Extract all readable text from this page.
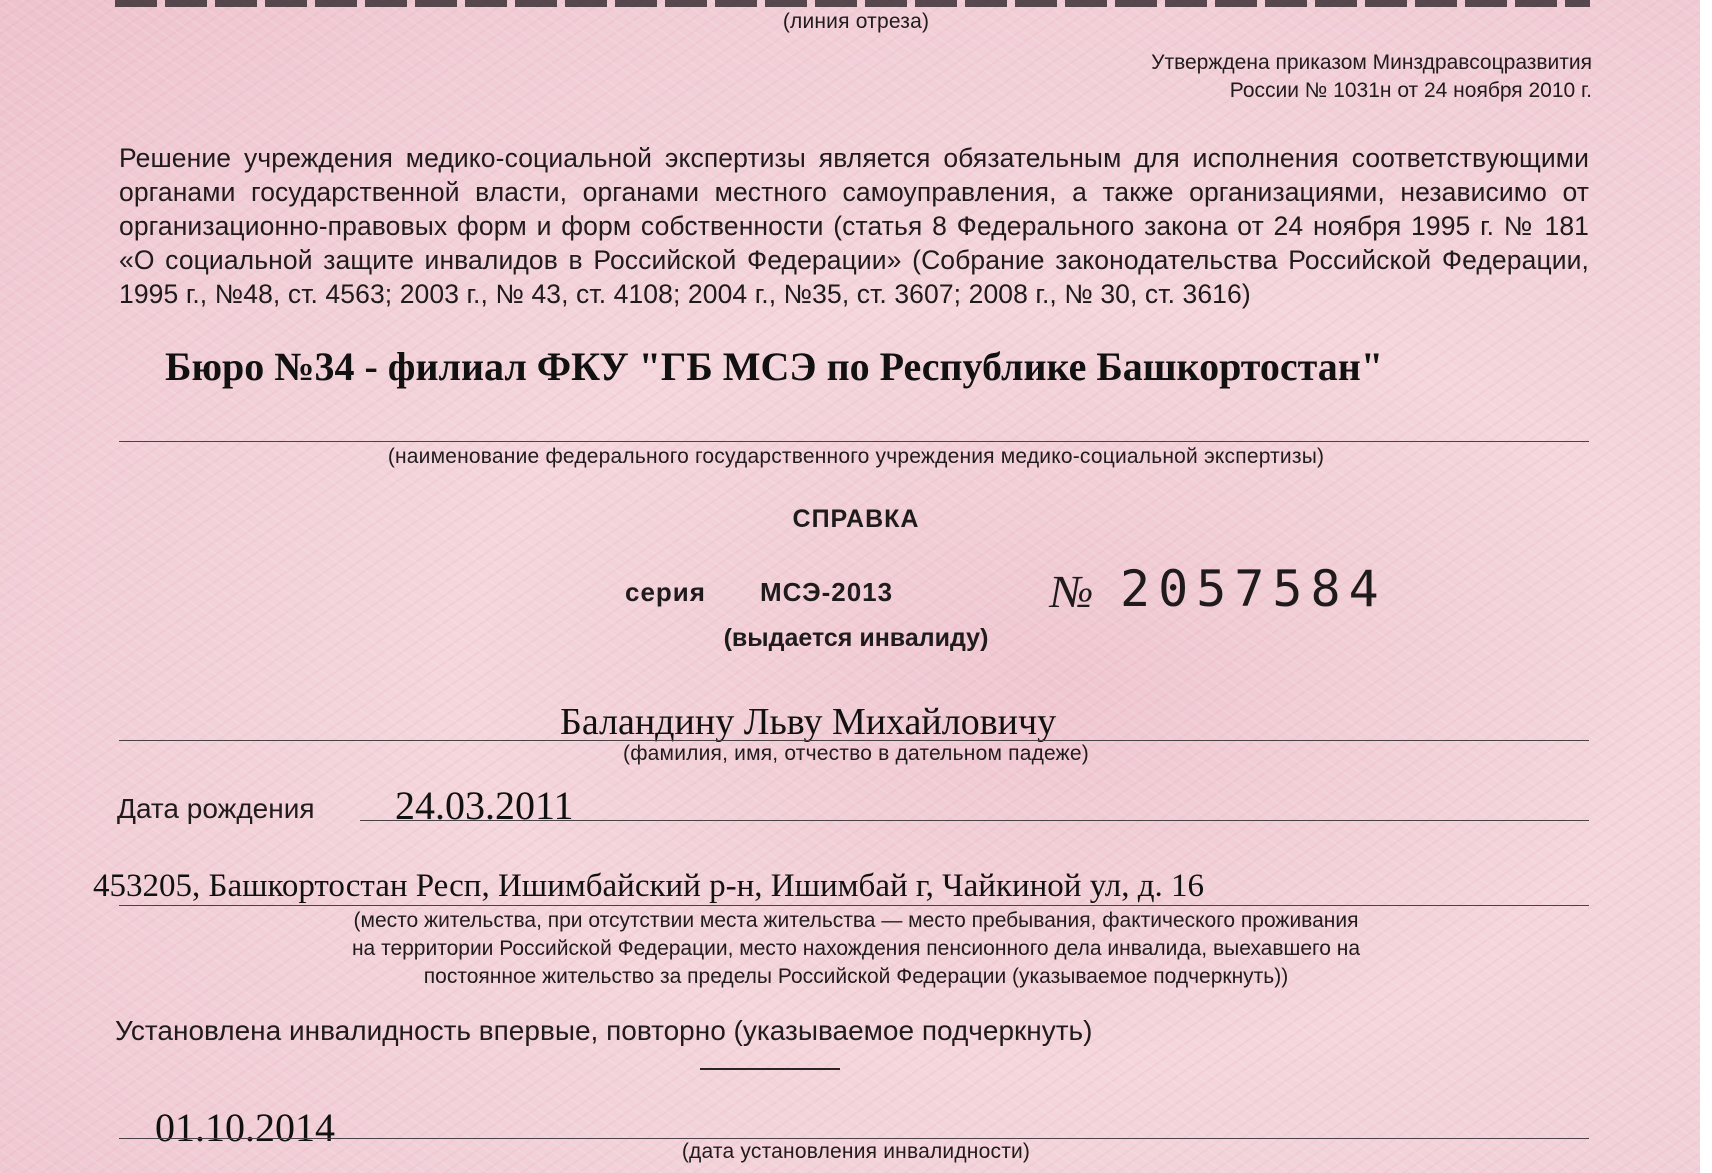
(линия отреза)
Утверждена приказом Минздравсоцразвития
России № 1031н от 24 ноября 2010 г.
Решение учреждения медико-социальной экспертизы является обязательным для исполнения соответствующими органами государственной власти, органами местного самоуправления, а также организациями, независимо от организационно-правовых форм и форм собственности (статья 8 Федерального закона от 24 ноября 1995 г. № 181 «О социальной защите инвалидов в Российской Федерации» (Собрание законодательства Российской Федерации, 1995 г., №48, ст. 4563; 2003 г., № 43, ст. 4108; 2004 г., №35, ст. 3607; 2008 г., № 30, ст. 3616)
Бюро №34 - филиал ФКУ "ГБ МСЭ по Республике Башкортостан"
(наименование федерального государственного учреждения медико-социальной экспертизы)
СПРАВКА
серия МСЭ-2013	№ 2057584
(выдается инвалиду)
Баландину Льву Михайловичу
(фамилия, имя, отчество в дательном падеже)
Дата рождения 24.03.2011
453205, Башкортостан Респ, Ишимбайский р-н, Ишимбай г, Чайкиной ул, д. 16
(место жительства, при отсутствии места жительства — место пребывания, фактического проживания
на территории Российской Федерации, место нахождения пенсионного дела инвалида, выехавшего на
постоянное жительство за пределы Российской Федерации (указываемое подчеркнуть))
Установлена инвалидность впервые, повторно (указываемое подчеркнуть)
01.10.2014
(дата установления инвалидности)
